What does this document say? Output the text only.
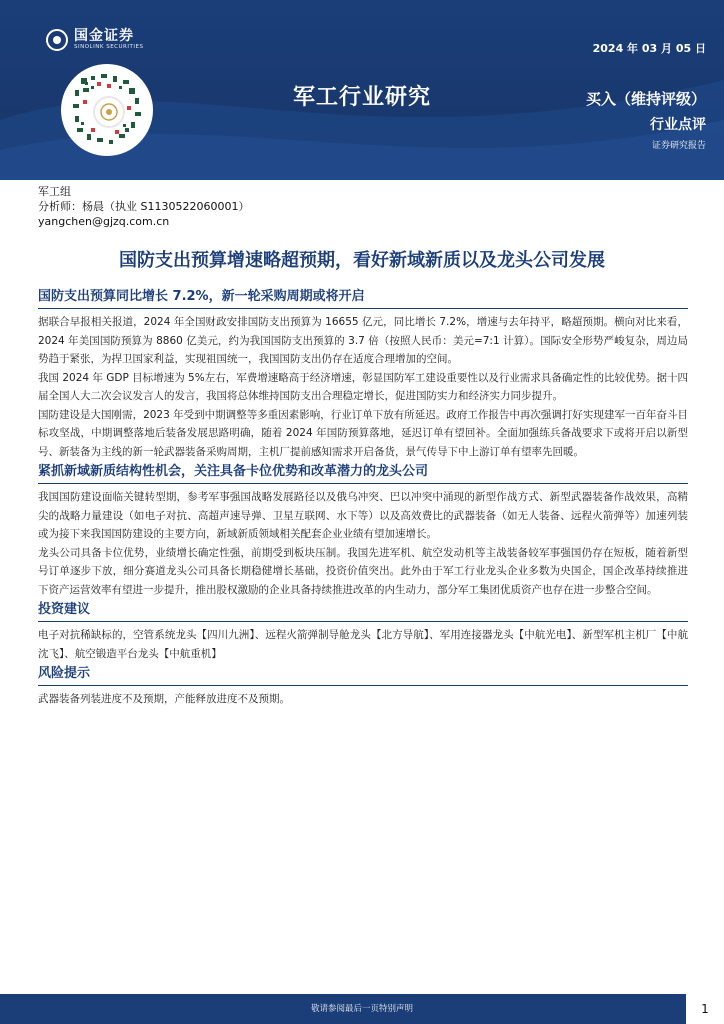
国金证券
SINOLINK SECURITIES	2024 年 03 月 05 日
军工行业研究	买入（维持评级）
行业点评
证券研究报告
军工组
分析师：杨晨（执业 S1130522060001）
yangchen@gjzq.com.cn
国防支出预算增速略超预期，看好新域新质以及龙头公司发展
国防支出预算同比增长 7.2%，新一轮采购周期或将开启

据联合早报相关报道，2024 年全国财政安排国防支出预算为 16655 亿元，同比增长 7.2%，增速与去年持平，略超预期。横向对比来看，2024 年美国国防预算为 8860 亿美元，约为我国国防支出预算的 3.7 倍（按照人民币：美元=7:1 计算）。国际安全形势严峻复杂，周边局势趋于紧张，为捍卫国家利益，实现祖国统一，我国国防支出仍存在适度合理增加的空间。

我国 2024 年 GDP 目标增速为 5%左右，军费增速略高于经济增速，彰显国防军工建设重要性以及行业需求具备确定性的比较优势。据十四届全国人大二次会议发言人的发言，我国将总体维持国防支出合理稳定增长，促进国防实力和经济实力同步提升。

国防建设是大国刚需，2023 年受到中期调整等多重因素影响，行业订单下放有所延迟。政府工作报告中再次强调打好实现建军一百年奋斗目标攻坚战，中期调整落地后装备发展思路明确，随着 2024 年国防预算落地，延迟订单有望回补。全面加强练兵备战要求下或将开启以新型号、新装备为主线的新一轮武器装备采购周期，主机厂提前感知需求开启备货，景气传导下中上游订单有望率先回暖。

紧抓新域新质结构性机会，关注具备卡位优势和改革潜力的龙头公司

我国国防建设面临关键转型期，参考军事强国战略发展路径以及俄乌冲突、巴以冲突中涌现的新型作战方式、新型武器装备作战效果，高精尖的战略力量建设（如电子对抗、高超声速导弹、卫星互联网、水下等）以及高效费比的武器装备（如无人装备、远程火箭弹等）加速列装或为接下来我国国防建设的主要方向，新域新质领域相关配套企业业绩有望加速增长。

龙头公司具备卡位优势，业绩增长确定性强，前期受到板块压制。我国先进军机、航空发动机等主战装备较军事强国仍存在短板，随着新型号订单逐步下放，细分赛道龙头公司具备长期稳健增长基础，投资价值突出。此外由于军工行业龙头企业多数为央国企，国企改革持续推进下资产运营效率有望进一步提升，推出股权激励的企业具备持续推进改革的内生动力，部分军工集团优质资产也存在进一步整合空间。

投资建议

电子对抗稀缺标的，空管系统龙头【四川九洲】、远程火箭弹制导舱龙头【北方导航】、军用连接器龙头【中航光电】、新型军机主机厂【中航沈飞】、航空锻造平台龙头【中航重机】

风险提示

武器装备列装进度不及预期，产能释放进度不及预期。

敬请参阅最后一页特别声明	1
